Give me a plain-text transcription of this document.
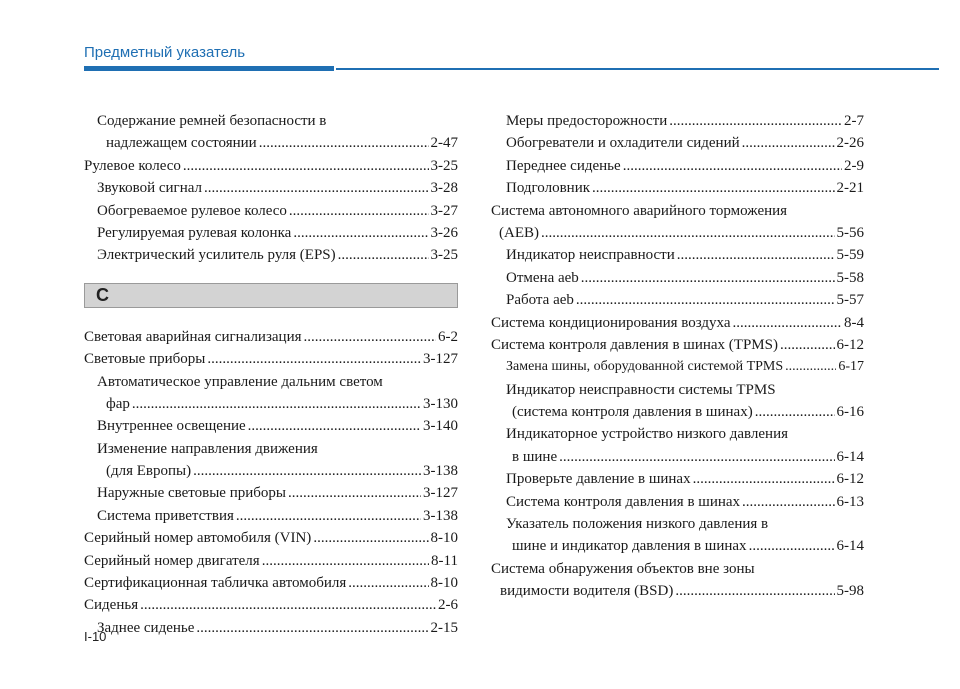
Предметный указатель
Содержание ремней безопасности в
надлежащем состоянии .....	2-47
Рулевое колесо .....	3-25
Звуковой сигнал .....	3-28
Обогреваемое рулевое колесо .....	3-27
Регулируемая рулевая колонка .....	3-26
Электрический усилитель руля (EPS) .....	3-25
С
Световая аварийная сигнализация .....	6-2
Световые приборы .....	3-127
Автоматическое управление дальним светом
фар .....	3-130
Внутреннее освещение .....	3-140
Изменение направления движения
(для Европы) .....	3-138
Наружные световые приборы .....	3-127
Система приветствия .....	3-138
Серийный номер автомобиля (VIN) .....	8-10
Серийный номер двигателя .....	8-11
Сертификационная табличка автомобиля .....	8-10
Сиденья .....	2-6
Заднее сиденье .....	2-15
Меры предосторожности .....	2-7
Обогреватели и охладители сидений .....	2-26
Переднее сиденье .....	2-9
Подголовник .....	2-21
Система автономного аварийного торможения
(AEB) .....	5-56
Индикатор неисправности .....	5-59
Отмена aeb .....	5-58
Работа aeb .....	5-57
Система кондиционирования воздуха .....	8-4
Система контроля давления в шинах (TPMS) .....	6-12
Замена шины, оборудованной системой TPMS .....	6-17
Индикатор неисправности системы TPMS
(система контроля давления в шинах) .....	6-16
Индикаторное устройство низкого давления
в шине .....	6-14
Проверьте давление в шинах .....	6-12
Система контроля давления в шинах .....	6-13
Указатель положения низкого давления в
шине и индикатор давления в шинах .....	6-14
Система обнаружения объектов вне зоны
видимости водителя (BSD) .....	5-98
I-10
